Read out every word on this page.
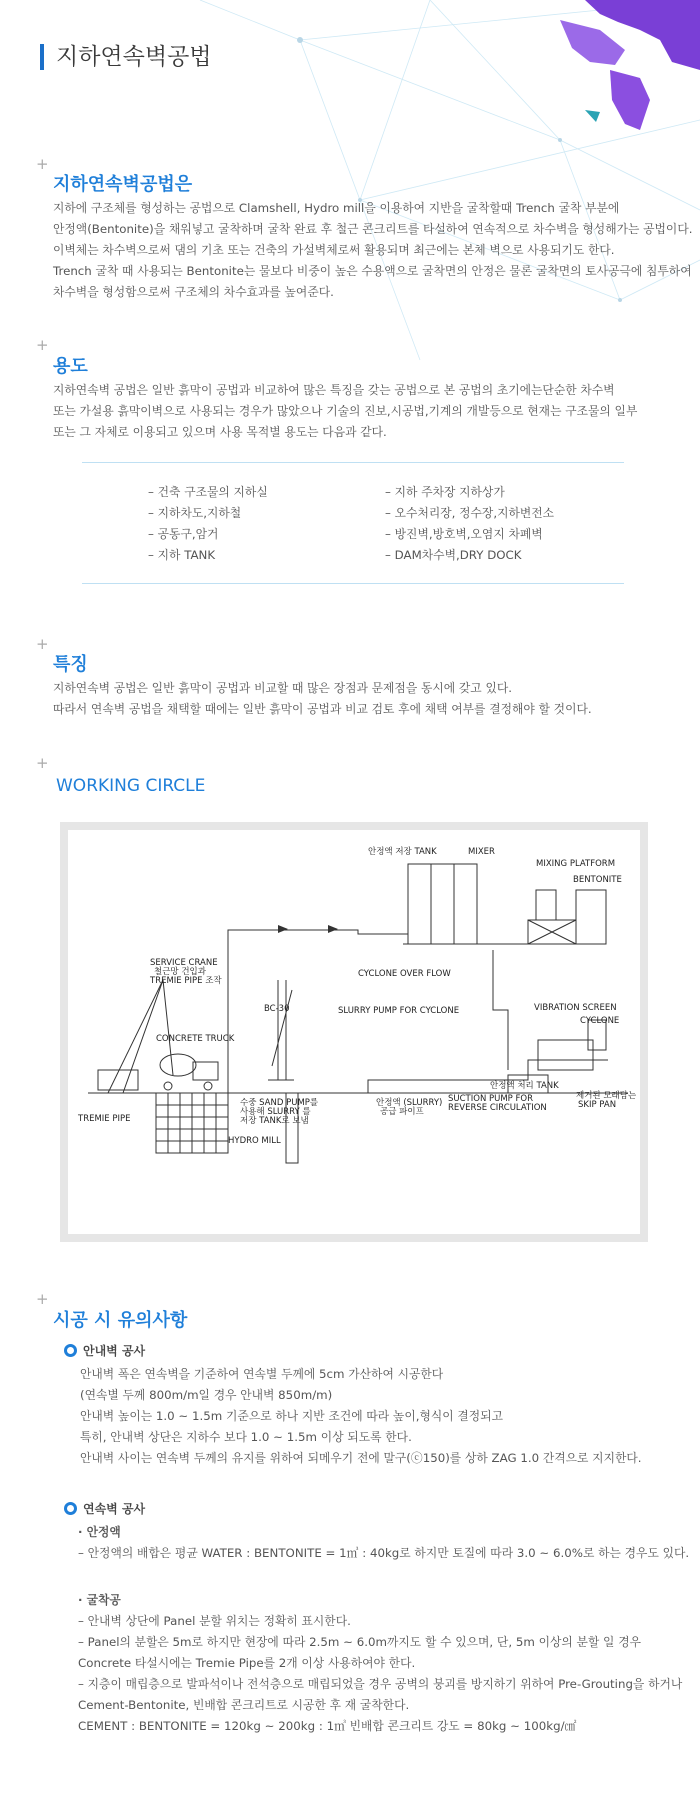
지하연속벽공법
+
지하연속벽공법은

지하에 구조체를 형성하는 공법으로 Clamshell, Hydro mill을 이용하여 지반을 굴착할때 Trench 굴착 부분에

안정액(Bentonite)을 채워넣고 굴착하며 굴착 완료 후 철근 콘크리트를 타설하여 연속적으로 차수벽을 형성해가는 공법이다.

이벽체는 차수벽으로써 댐의 기초 또는 건축의 가설벽체로써 활용되며 최근에는 본체 벽으로 사용되기도 한다.

Trench 굴착 때 사용되는 Bentonite는 물보다 비중이 높은 수용액으로 굴착면의 안정은 물론 굴착면의 토사공극에 침투하여

차수벽을 형성함으로써 구조체의 차수효과를 높여준다.

+
용도

지하연속벽 공법은 일반 흙막이 공법과 비교하여 많은 특징을 갖는 공법으로 본 공법의 초기에는단순한 차수벽

또는 가설용 흙막이벽으로 사용되는 경우가 많았으나 기술의 진보,시공법,기계의 개발등으로 현재는 구조물의 일부

또는 그 자체로 이용되고 있으며 사용 목적별 용도는 다음과 같다.

– 건축 구조물의 지하실
– 지하차도,지하철
– 공동구,암거
– 지하 TANK
– 지하 주차장 지하상가
– 오수처리장, 정수장,지하변전소
– 방진벽,방호벽,오염지 차폐벽
– DAM차수벽,DRY DOCK
+
특징

지하연속벽 공법은 일반 흙막이 공법과 비교할 때 많은 장점과 문제점을 동시에 갖고 있다.

따라서 연속벽 공법을 채택할 때에는 일반 흙막이 공법과 비교 검토 후에 채택 여부를 결정해야 할 것이다.

+
WORKING CIRCLE
안정액 저장 TANK	MIXER
MIXING PLATFORM
BENTONITE
SERVICE CRANE
철근망 건입과
TREMIE PIPE 조작
CYCLONE OVER FLOW
BC-30	SLURRY PUMP FOR CYCLONE	VIBRATION SCREEN
CYCLONE
CONCRETE TRUCK
안정액 처리 TANK
TREMIE PIPE
수중 SAND PUMP를
사용해 SLURRY 를
저장 TANK로 보냄
안정액 (SLURRY)
공급 파이프
SUCTION PUMP FOR
REVERSE CIRCULATION
제거된 모래담는
SKIP PAN
HYDRO MILL
+
시공 시 유의사항
안내벽 공사
안내벽 폭은 연속벽을 기준하여 연속별 두께에 5cm 가산하여 시공한다
(연속별 두께 800m/m일 경우 안내벽 850m/m)
안내벽 높이는 1.0 ~ 1.5m 기준으로 하나 지반 조건에 따라 높이,형식이 결정되고
특히, 안내벽 상단은 지하수 보다 1.0 ~ 1.5m 이상 되도록 한다.
안내벽 사이는 연속벽 두께의 유지를 위하여 되메우기 전에 말구(ⓒ150)를 상하 ZAG 1.0 간격으로 지지한다.
연속벽 공사
· 안정액
– 안정액의 배합은 평균 WATER : BENTONITE = 1㎥ : 40kg로 하지만 토질에 따라 3.0 ~ 6.0%로 하는 경우도 있다.
· 굴착공
– 안내벽 상단에 Panel 분할 위치는 정확히 표시한다.
– Panel의 분할은 5m로 하지만 현장에 따라 2.5m ~ 6.0m까지도 할 수 있으며, 단, 5m 이상의 분할 일 경우
Concrete 타설시에는 Tremie Pipe를 2개 이상 사용하여야 한다.
– 지층이 매립층으로 발파석이나 전석층으로 매립되었을 경우 공벽의 붕괴를 방지하기 위하여 Pre-Grouting을 하거나
Cement-Bentonite, 빈배합 콘크리트로 시공한 후 재 굴착한다.
CEMENT : BENTONITE = 120kg ~ 200kg : 1㎥ 빈배합 콘크리트 강도 = 80kg ~ 100kg/㎠
